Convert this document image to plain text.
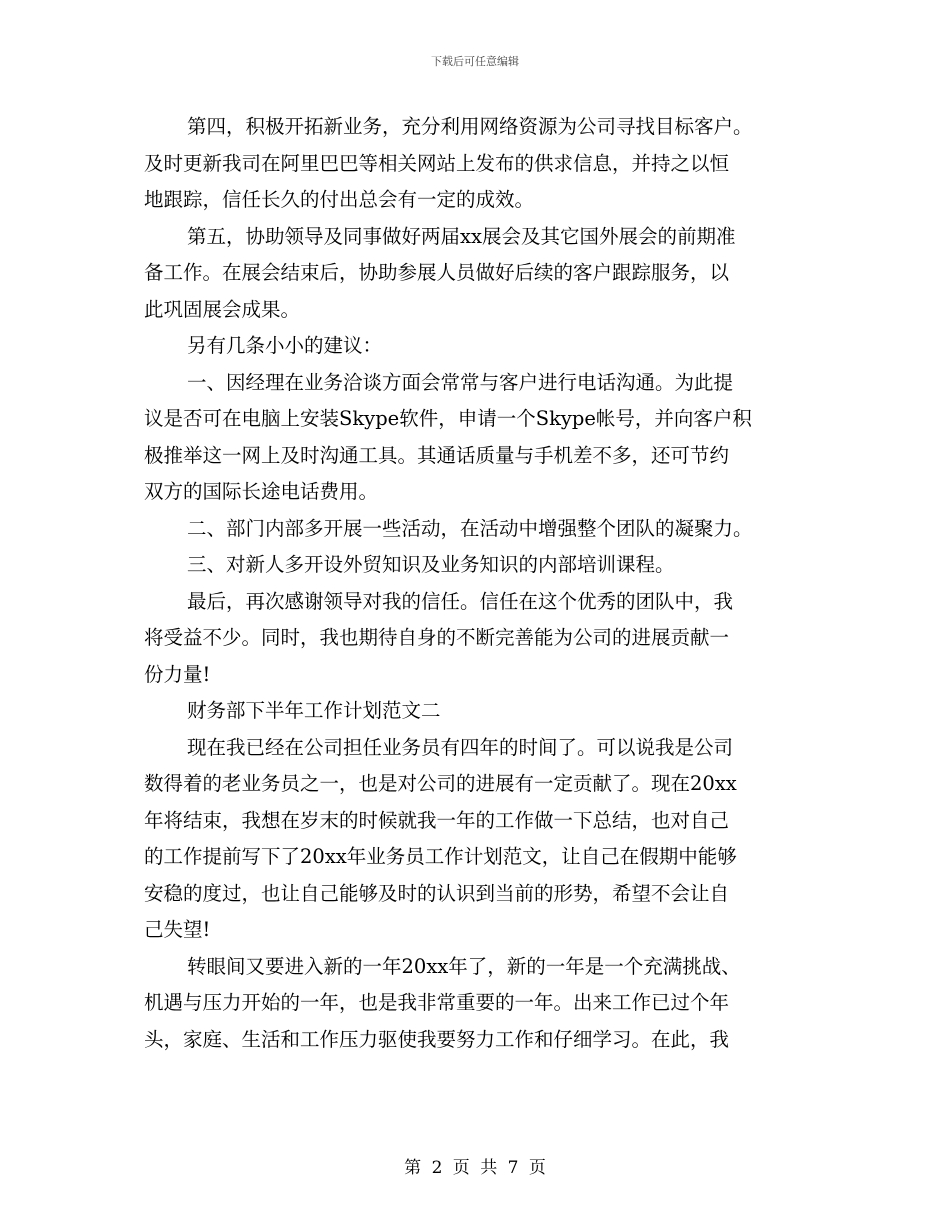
下载后可任意编辑
第四，积极开拓新业务，充分利用网络资源为公司寻找目标客户。
及时更新我司在阿里巴巴等相关网站上发布的供求信息，并持之以恒
地跟踪，信任长久的付出总会有一定的成效。
第五，协助领导及同事做好两届xx展会及其它国外展会的前期准
备工作。在展会结束后，协助参展人员做好后续的客户跟踪服务，以
此巩固展会成果。
另有几条小小的建议：
一、因经理在业务洽谈方面会常常与客户进行电话沟通。为此提
议是否可在电脑上安装Skype软件，申请一个Skype帐号，并向客户积
极推举这一网上及时沟通工具。其通话质量与手机差不多，还可节约
双方的国际长途电话费用。
二、部门内部多开展一些活动，在活动中增强整个团队的凝聚力。
三、对新人多开设外贸知识及业务知识的内部培训课程。
最后，再次感谢领导对我的信任。信任在这个优秀的团队中，我
将受益不少。同时，我也期待自身的不断完善能为公司的进展贡献一
份力量!
财务部下半年工作计划范文二
现在我已经在公司担任业务员有四年的时间了。可以说我是公司
数得着的老业务员之一，也是对公司的进展有一定贡献了。现在20xx
年将结束，我想在岁末的时候就我一年的工作做一下总结，也对自己
的工作提前写下了20xx年业务员工作计划范文，让自己在假期中能够
安稳的度过，也让自己能够及时的认识到当前的形势，希望不会让自
己失望!
转眼间又要进入新的一年20xx年了，新的一年是一个充满挑战、
机遇与压力开始的一年，也是我非常重要的一年。出来工作已过个年
头，家庭、生活和工作压力驱使我要努力工作和仔细学习。在此，我
第 2 页 共 7 页
